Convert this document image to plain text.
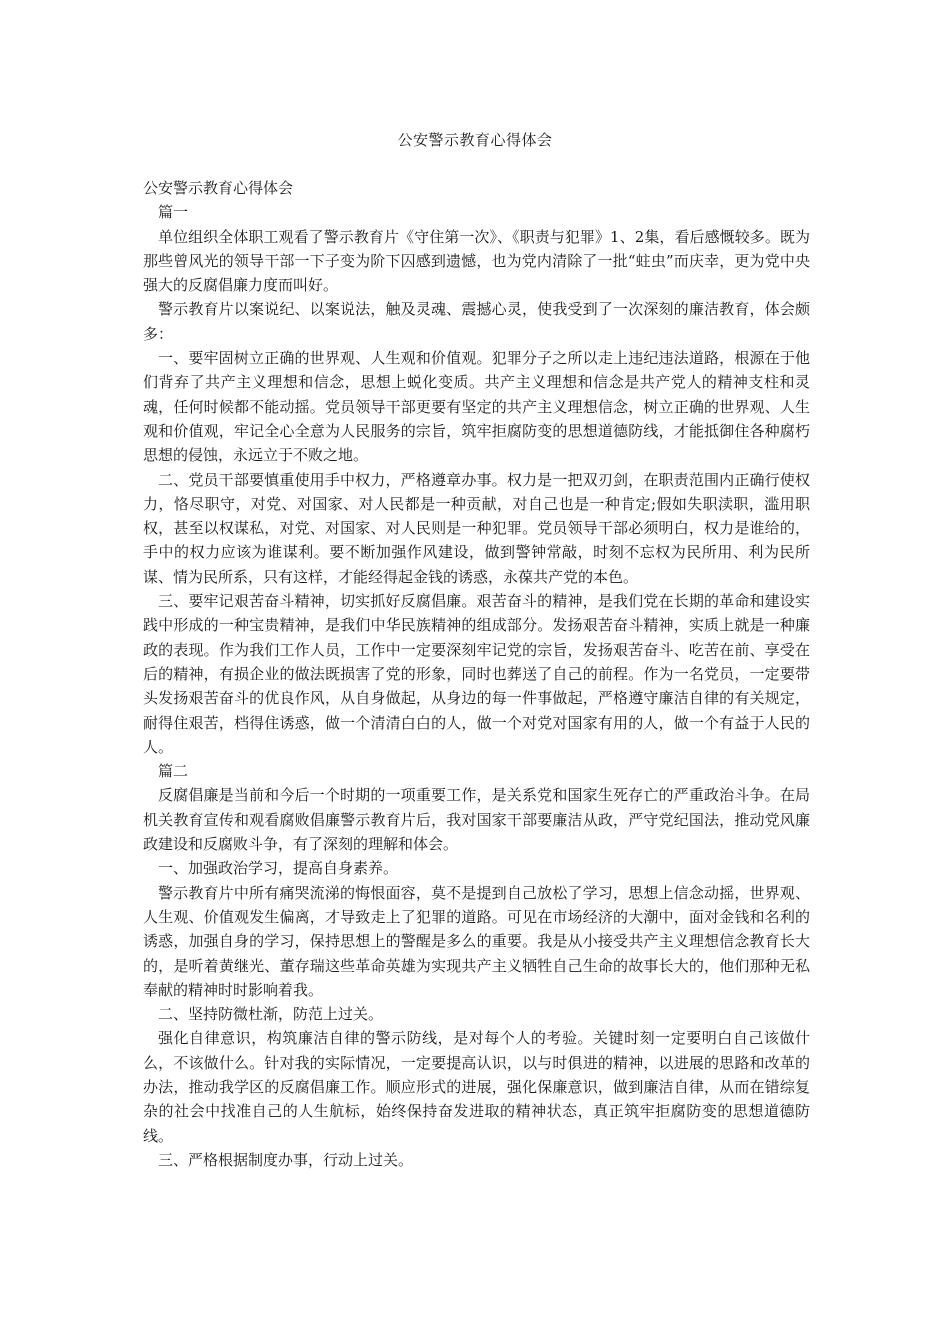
公安警示教育心得体会

公安警示教育心得体会

篇一

单位组织全体职工观看了警示教育片《守住第一次》、《职责与犯罪》1、2集，看后感慨较多。既为那些曾风光的领导干部一下子变为阶下囚感到遗憾，也为党内清除了一批“蛀虫”而庆幸，更为党中央强大的反腐倡廉力度而叫好。

警示教育片以案说纪、以案说法，触及灵魂、震撼心灵，使我受到了一次深刻的廉洁教育，体会颇多：

一、要牢固树立正确的世界观、人生观和价值观。犯罪分子之所以走上违纪违法道路，根源在于他们背弃了共产主义理想和信念，思想上蜕化变质。共产主义理想和信念是共产党人的精神支柱和灵魂，任何时候都不能动摇。党员领导干部更要有坚定的共产主义理想信念，树立正确的世界观、人生观和价值观，牢记全心全意为人民服务的宗旨，筑牢拒腐防变的思想道德防线，才能抵御住各种腐朽思想的侵蚀，永远立于不败之地。

二、党员干部要慎重使用手中权力，严格遵章办事。权力是一把双刃剑，在职责范围内正确行使权力，恪尽职守，对党、对国家、对人民都是一种贡献，对自己也是一种肯定;假如失职渎职，滥用职权，甚至以权谋私，对党、对国家、对人民则是一种犯罪。党员领导干部必须明白，权力是谁给的，手中的权力应该为谁谋利。要不断加强作风建设，做到警钟常敲，时刻不忘权为民所用、利为民所谋、情为民所系，只有这样，才能经得起金钱的诱惑，永葆共产党的本色。

三、要牢记艰苦奋斗精神，切实抓好反腐倡廉。艰苦奋斗的精神，是我们党在长期的革命和建设实践中形成的一种宝贵精神，是我们中华民族精神的组成部分。发扬艰苦奋斗精神，实质上就是一种廉政的表现。作为我们工作人员，工作中一定要深刻牢记党的宗旨，发扬艰苦奋斗、吃苦在前、享受在后的精神，有损企业的做法既损害了党的形象，同时也葬送了自己的前程。作为一名党员，一定要带头发扬艰苦奋斗的优良作风，从自身做起，从身边的每一件事做起，严格遵守廉洁自律的有关规定，耐得住艰苦，档得住诱惑，做一个清清白白的人，做一个对党对国家有用的人，做一个有益于人民的人。

篇二

反腐倡廉是当前和今后一个时期的一项重要工作，是关系党和国家生死存亡的严重政治斗争。在局机关教育宣传和观看腐败倡廉警示教育片后，我对国家干部要廉洁从政，严守党纪国法，推动党风廉政建设和反腐败斗争，有了深刻的理解和体会。

一、加强政治学习，提高自身素养。

警示教育片中所有痛哭流涕的悔恨面容，莫不是提到自己放松了学习，思想上信念动摇，世界观、人生观、价值观发生偏离，才导致走上了犯罪的道路。可见在市场经济的大潮中，面对金钱和名利的诱惑，加强自身的学习，保持思想上的警醒是多么的重要。我是从小接受共产主义理想信念教育长大的，是听着黄继光、董存瑞这些革命英雄为实现共产主义牺牲自己生命的故事长大的，他们那种无私奉献的精神时时影响着我。

二、坚持防微杜渐，防范上过关。

强化自律意识，构筑廉洁自律的警示防线，是对每个人的考验。关键时刻一定要明白自己该做什么，不该做什么。针对我的实际情况，一定要提高认识，以与时俱进的精神，以进展的思路和改革的办法，推动我学区的反腐倡廉工作。顺应形式的进展，强化保廉意识，做到廉洁自律，从而在错综复杂的社会中找准自己的人生航标，始终保持奋发进取的精神状态，真正筑牢拒腐防变的思想道德防线。

三、严格根据制度办事，行动上过关。
